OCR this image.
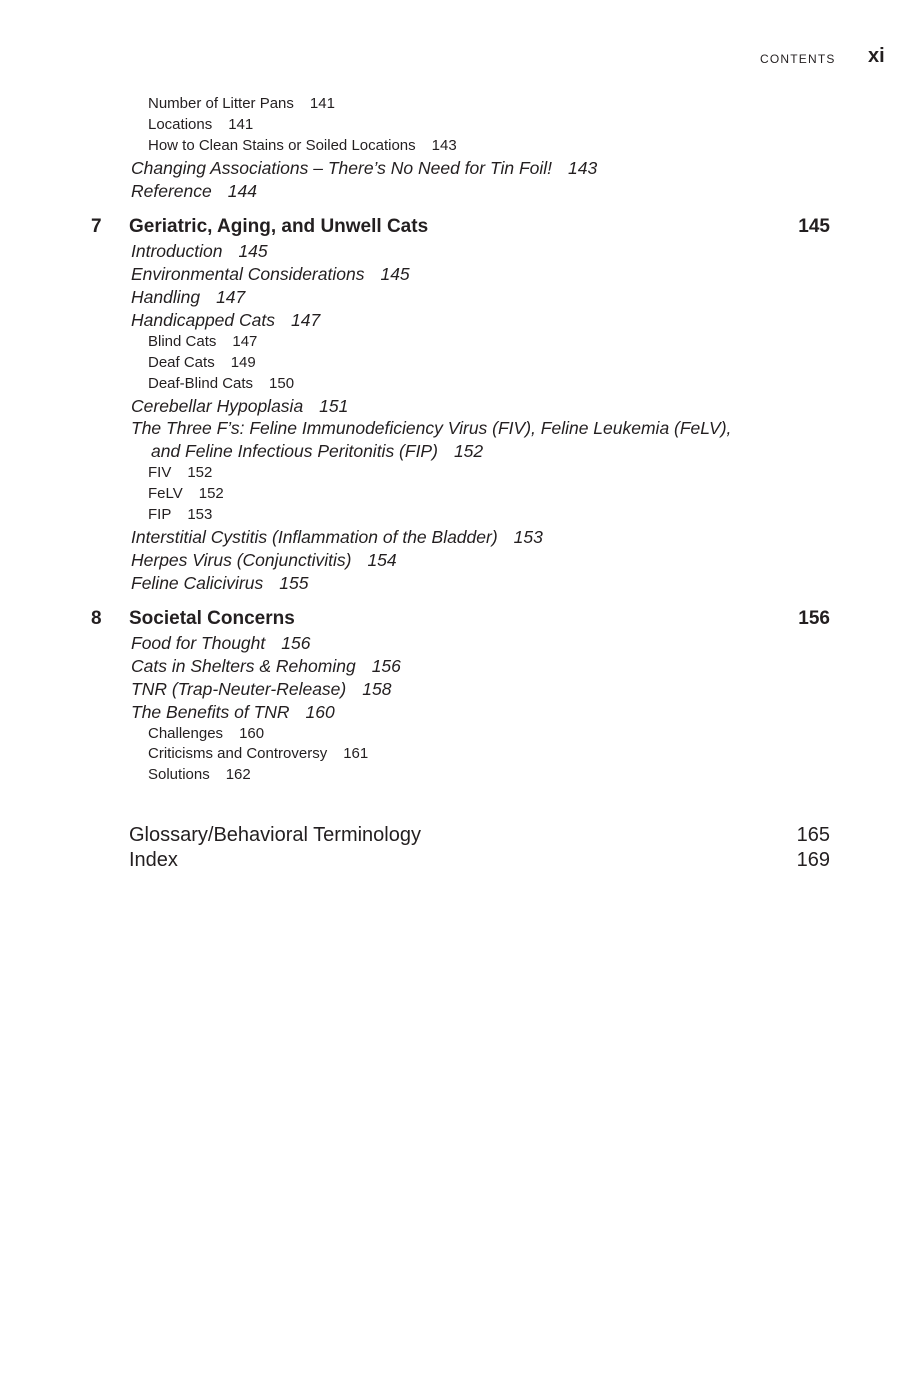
CONTENTS xi
Number of Litter Pans 141
Locations 141
How to Clean Stains or Soiled Locations 143
Changing Associations – There’s No Need for Tin Foil! 143
Reference 144
7 Geriatric, Aging, and Unwell Cats	145
Introduction 145
Environmental Considerations 145
Handling 147
Handicapped Cats 147
Blind Cats 147
Deaf Cats 149
Deaf-Blind Cats 150
Cerebellar Hypoplasia 151
The Three F’s: Feline Immunodeficiency Virus (FIV), Feline Leukemia (FeLV),
and Feline Infectious Peritonitis (FIP) 152
FIV 152
FeLV 152
FIP 153
Interstitial Cystitis (Inflammation of the Bladder) 153
Herpes Virus (Conjunctivitis) 154
Feline Calicivirus 155
8 Societal Concerns	156
Food for Thought 156
Cats in Shelters & Rehoming 156
TNR (Trap-Neuter-Release) 158
The Benefits of TNR 160
Challenges 160
Criticisms and Controversy 161
Solutions 162
Glossary/Behavioral Terminology	165
Index	169
